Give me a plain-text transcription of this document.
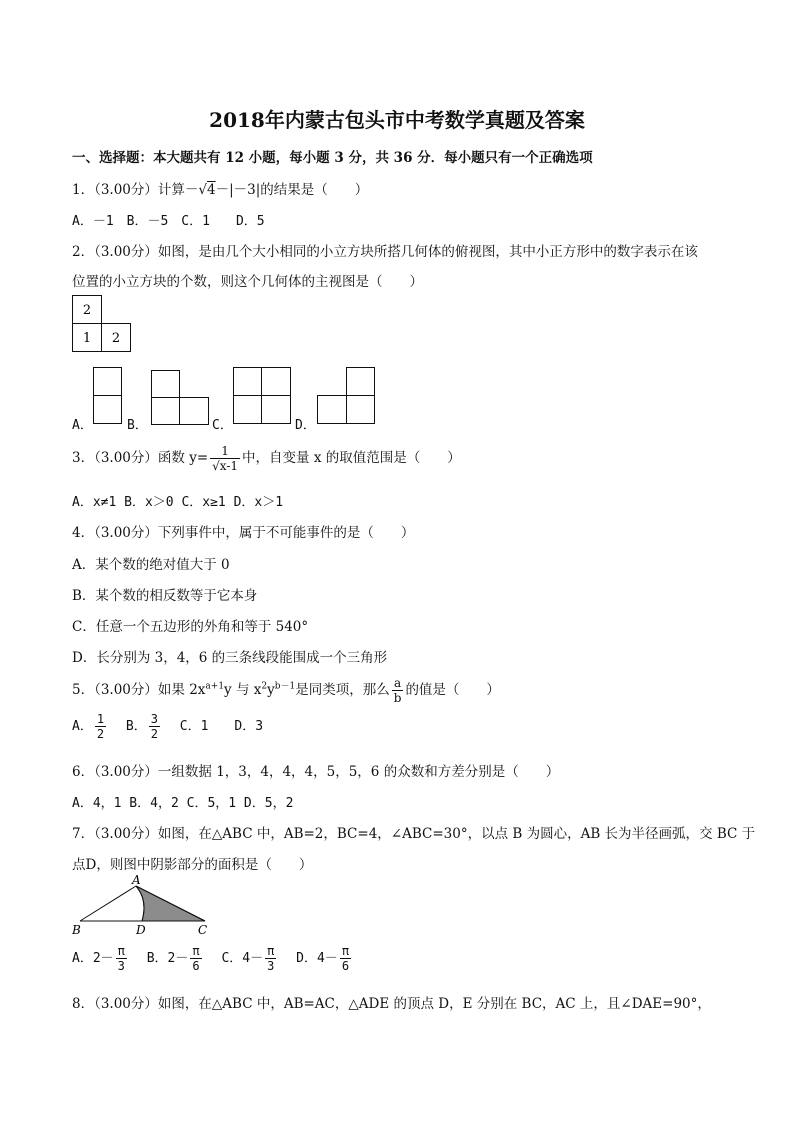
2018年内蒙古包头市中考数学真题及答案
一、选择题：本大题共有 12 小题，每小题 3 分，共 36 分．每小题只有一个正确选项
1．（3.00分）计算－√4－|－3|的结果是（　　）
A．－1　B．－5　C．1　　D．5
2．（3.00分）如图，是由几个大小相同的小立方块所搭几何体的俯视图，其中小正方形中的数字表示在该
位置的小立方块的个数，则这个几何体的主视图是（　　）
2
1 2
A．	B．	C．	D．
3．（3.00分）函数 $y= \frac{1}{√x-1}$ 中，自变量 x 的取值范围是（　　）
A．x≠1 B．x＞0 C．x≥1 D．x＞1
4．（3.00分）下列事件中，属于不可能事件的是（　　）
A．某个数的绝对值大于 0
B．某个数的相反数等于它本身
C．任意一个五边形的外角和等于 540°
D．长分别为 3，4，6 的三条线段能围成一个三角形
5．（3.00分）如果 $2x^{a+1}y$ 与 $x^2y^{b-1}$是同类项，那么 $\frac{a}{b}$ 的值是（　　）
A． $\frac{1}{2}$ B． $\frac{3}{2}$ C．1　　D．3
6．（3.00分）一组数据 1，3，4，4，4，5，5，6 的众数和方差分别是（　　）
A．4，1 B．4，2 C．5，1 D．5，2
7．（3.00分）如图，在△ABC 中，AB=2，BC=4，∠ABC=30°，以点 B 为圆心，AB 长为半径画弧，交 BC 于
点D，则图中阴影部分的面积是（　　）
A
B	D	C
A．$2- \frac{\pi}{3}$ B．$2- \frac{\pi}{6}$ C．$4- \frac{\pi}{3}$ D．$4- \frac{\pi}{6}$
8．（3.00分）如图，在△ABC 中，AB=AC，△ADE 的顶点 D，E 分别在 BC，AC 上，且∠DAE=90°，
